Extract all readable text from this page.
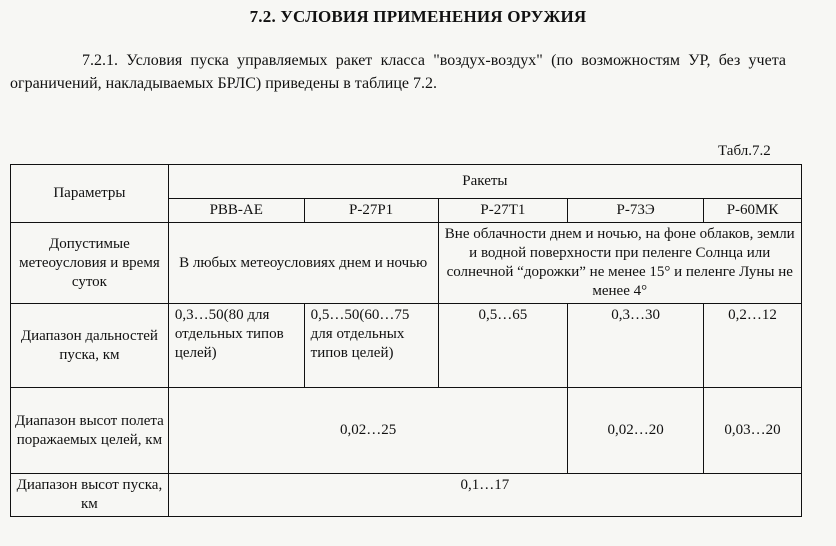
7.2. УСЛОВИЯ ПРИМЕНЕНИЯ ОРУЖИЯ
7.2.1. Условия пуска управляемых ракет класса "воздух-воздух" (по возможностям УР, без учета ограничений, накладываемых БРЛС) приведены в таблице 7.2.
Табл.7.2
Параметры	Ракеты				
	РВВ-АЕ	Р-27Р1	Р-27Т1	Р-73Э	Р-60МК
Допустимые метеоусловия и время суток	В любых метеоусловиях днем и ночью		Вне облачности днем и ночью, на фоне облаков, земли и водной поверхности при пеленге Солнца или солнечной “дорожки” не менее 15° и пеленге Луны не менее 4°		
Диапазон дальностей пуска, км	0,3…50(80 для отдельных типов целей)	0,5…50(60…75 для отдельных типов целей)	0,5…65	0,3…30	0,2…12
Диапазон высот полета поражаемых целей, км	0,02…25			0,02…20	0,03…20
Диапазон высот пуска, км	0,1…17				
